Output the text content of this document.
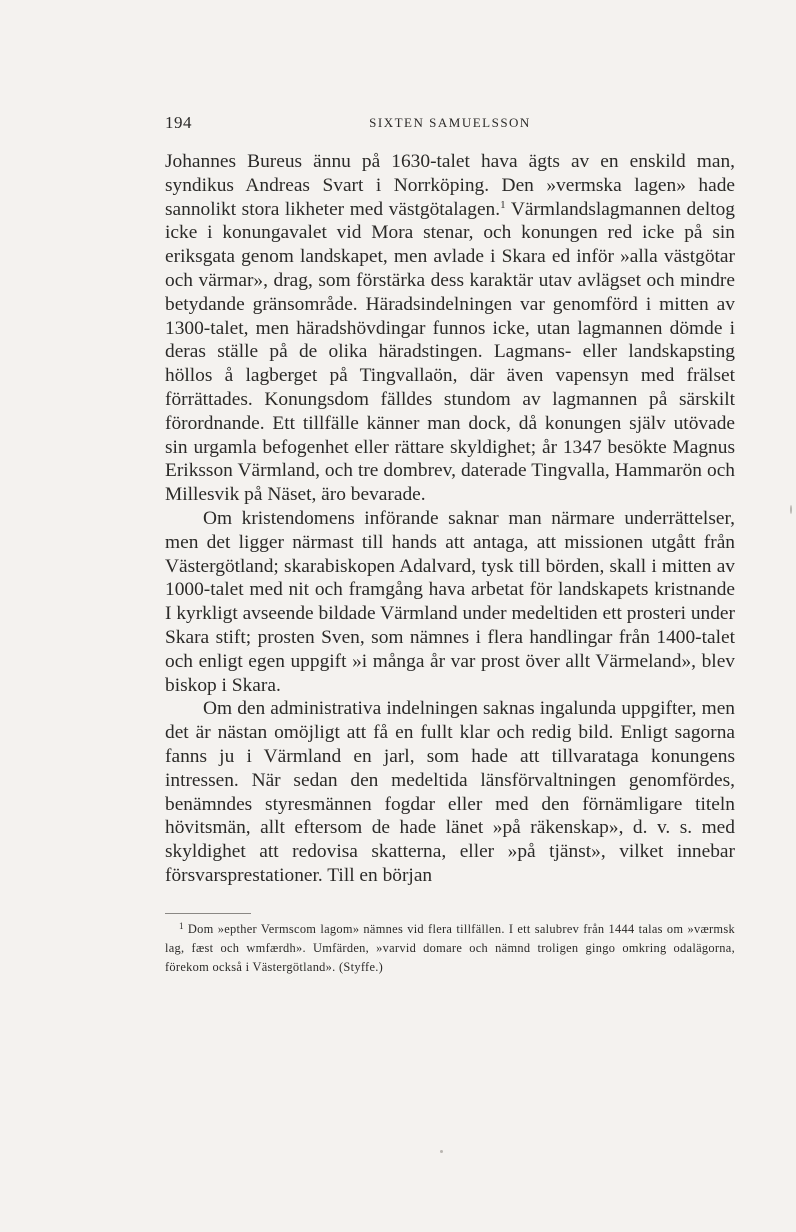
194	SIXTEN SAMUELSSON

Johannes Bureus ännu på 1630-talet hava ägts av en enskild man, syndikus Andreas Svart i Norrköping. Den »vermska lagen» hade sannolikt stora likheter med västgötalagen.$^1$ Värmlandslagmannen deltog icke i konungavalet vid Mora stenar, och konungen red icke på sin eriksgata genom landskapet, men avlade i Skara ed inför »alla västgötar och värmar», drag, som förstärka dess karaktär utav avlägset och mindre betydande gränsområde. Häradsindelningen var genomförd i mitten av 1300-talet, men häradshövdingar funnos icke, utan lagmannen dömde i deras ställe på de olika häradstingen. Lagmans- eller landskapsting höllos å lagberget på Tingvallaön, där även vapensyn med frälset förrättades. Konungsdom fälldes stundom av lagmannen på särskilt förordnande. Ett tillfälle känner man dock, då konungen själv utövade sin urgamla befogenhet eller rättare skyldighet; år 1347 besökte Magnus Eriksson Värmland, och tre dombrev, daterade Tingvalla, Hammarön och Millesvik på Näset, äro bevarade.

Om kristendomens införande saknar man närmare underrättelser, men det ligger närmast till hands att antaga, att missionen utgått från Västergötland; skarabiskopen Adalvard, tysk till börden, skall i mitten av 1000-talet med nit och framgång hava arbetat för landskapets kristnande I kyrkligt avseende bildade Värmland under medeltiden ett prosteri under Skara stift; prosten Sven, som nämnes i flera handlingar från 1400-talet och enligt egen uppgift »i många år var prost över allt Värmeland», blev biskop i Skara.

Om den administrativa indelningen saknas ingalunda uppgifter, men det är nästan omöjligt att få en fullt klar och redig bild. Enligt sagorna fanns ju i Värmland en jarl, som hade att tillvarataga konungens intressen. När sedan den medeltida länsförvaltningen genomfördes, benämndes styresmännen fogdar eller med den förnämligare titeln hövitsmän, allt eftersom de hade länet »på räkenskap», d. v. s. med skyldighet att redovisa skatterna, eller »på tjänst», vilket innebar försvarsprestationer. Till en början

$^1$ Dom »epther Vermscom lagom» nämnes vid flera tillfällen. I ett salubrev från 1444 talas om »værmsk lag, fæst och wmfærdh». Umfärden, »varvid domare och nämnd troligen gingo omkring odalägorna, förekom också i Västergötland». (Styffe.)
